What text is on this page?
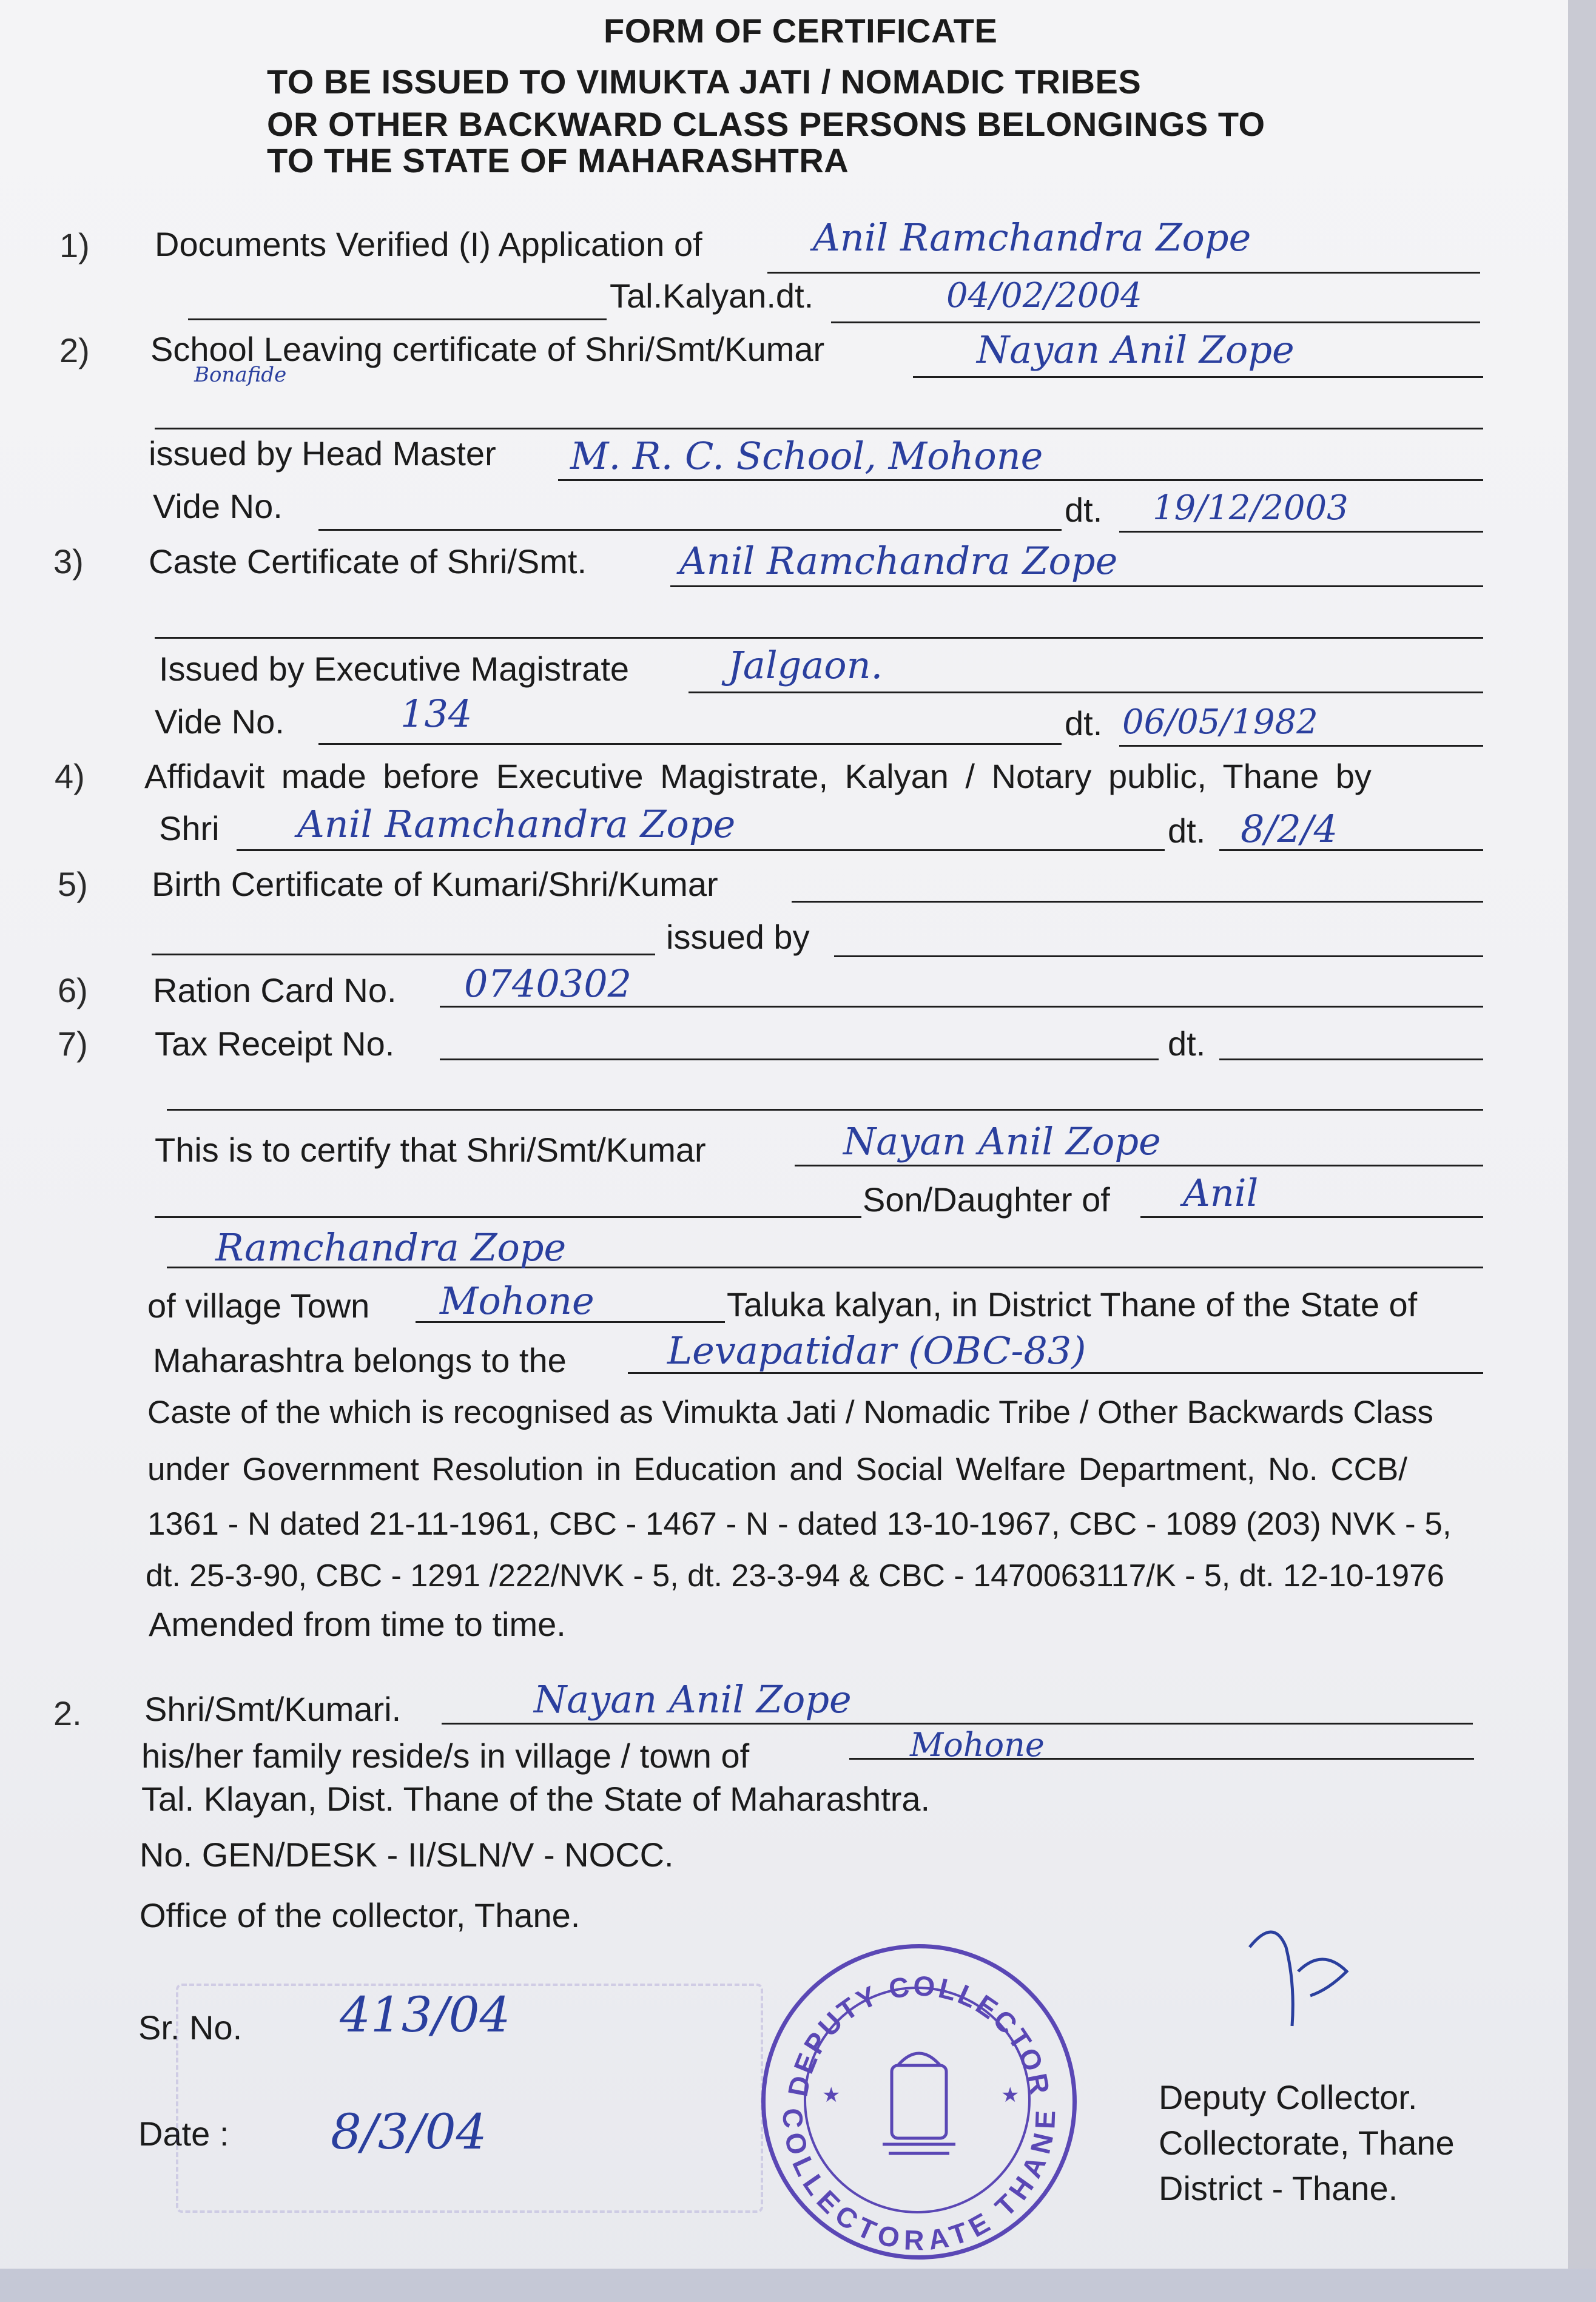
FORM OF CERTIFICATE
TO BE ISSUED TO VIMUKTA JATI / NOMADIC TRIBES
OR OTHER BACKWARD CLASS PERSONS BELONGINGS TO
TO THE STATE OF MAHARASHTRA
1) Documents Verified (I) Application of	Anil Ramchandra Zope
Tal.Kalyan.dt.	04/02/2004
2) School Leaving certificate of Shri/Smt/Kumar
Bonafide
Nayan Anil Zope
issued by Head Master M. R. C. School, Mohone
Vide No.	dt. 19/12/2003
3) Caste Certificate of Shri/Smt. Anil Ramchandra Zope
Issued by Executive Magistrate	Jalgaon.
Vide No.	134	dt. 06/05/1982
4) Affidavit made before Executive Magistrate, Kalyan / Notary public, Thane by
Shri Anil Ramchandra Zope	dt. 8/2/4
5) Birth Certificate of Kumari/Shri/Kumar
issued by
6) Ration Card No. 0740302
7) Tax Receipt No.	dt.
This is to certify that Shri/Smt/Kumar	Nayan Anil Zope
Son/Daughter of Anil
Ramchandra Zope
of village Town Mohone	Taluka kalyan, in District Thane of the State of
Maharashtra belongs to the	Levapatidar (OBC-83)
Caste of the which is recognised as Vimukta Jati / Nomadic Tribe / Other Backwards Class
under Government Resolution in Education and Social Welfare Department, No. CCB/
1361 - N dated 21-11-1961, CBC - 1467 - N - dated 13-10-1967, CBC - 1089 (203) NVK - 5,
dt. 25-3-90, CBC - 1291 /222/NVK - 5, dt. 23-3-94 & CBC - 1470063117/K - 5, dt. 12-10-1976
Amended from time to time.
2. Shri/Smt/Kumari.	Nayan Anil Zope
his/her family reside/s in village / town of	Mohone
Tal. Klayan, Dist. Thane of the State of Maharashtra.
No. GEN/DESK - II/SLN/V - NOCC.
Office of the collector, Thane.
Sr. No. 413/04
Date : 8/3/04
DEPUTY COLLECTOR
COLLECTORATE THANE
★	★	Deputy Collector.
Collectorate, Thane
District - Thane.
